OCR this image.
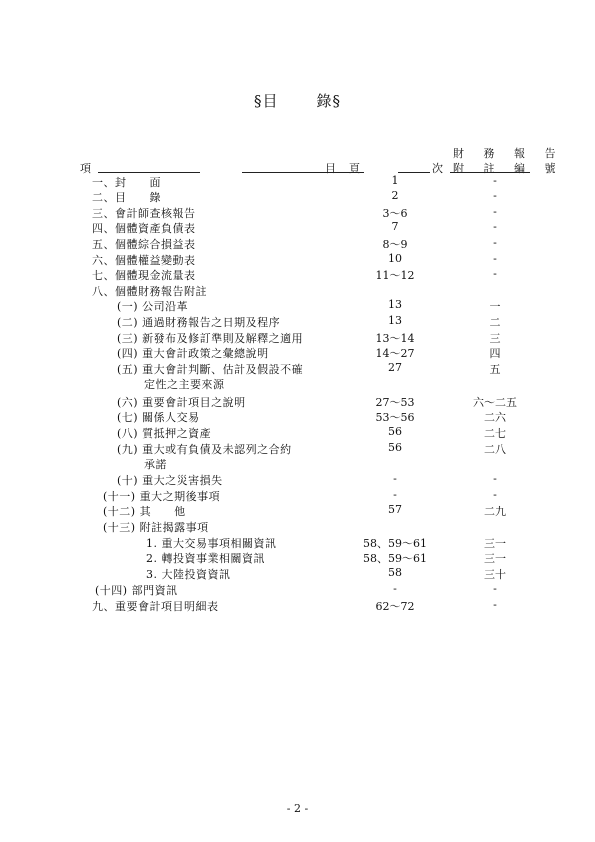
§目	錄§
財 務 報 告
項	目 頁	次 附 註 編 號
一、封　　面	1	-
二、目　　錄	2	-
三、會計師查核報告	3～6	-
四、個體資產負債表	7	-
五、個體綜合損益表	8～9	-
六、個體權益變動表	10	-
七、個體現金流量表	11～12	-
八、個體財務報告附註
(一) 公司沿革	13	一
(二) 通過財務報告之日期及程序	13	二
(三) 新發布及修訂準則及解釋之適用	13～14	三
(四) 重大會計政策之彙總說明	14～27	四
(五) 重大會計判斷、估計及假設不確	27	五
定性之主要來源
(六) 重要會計項目之說明	27～53	六～二五
(七) 關係人交易	53～56	二六
(八) 質抵押之資產	56	二七
(九) 重大或有負債及未認列之合約	56	二八
承諾
(十) 重大之災害損失	-	-
(十一) 重大之期後事項	-	-
(十二) 其　　他	57	二九
(十三) 附註揭露事項
1. 重大交易事項相關資訊	58、59～61	三一
2. 轉投資事業相關資訊	58、59～61	三一
3. 大陸投資資訊	58	三十
(十四) 部門資訊	-	-
九、重要會計項目明細表	62～72	-
- 2 -
